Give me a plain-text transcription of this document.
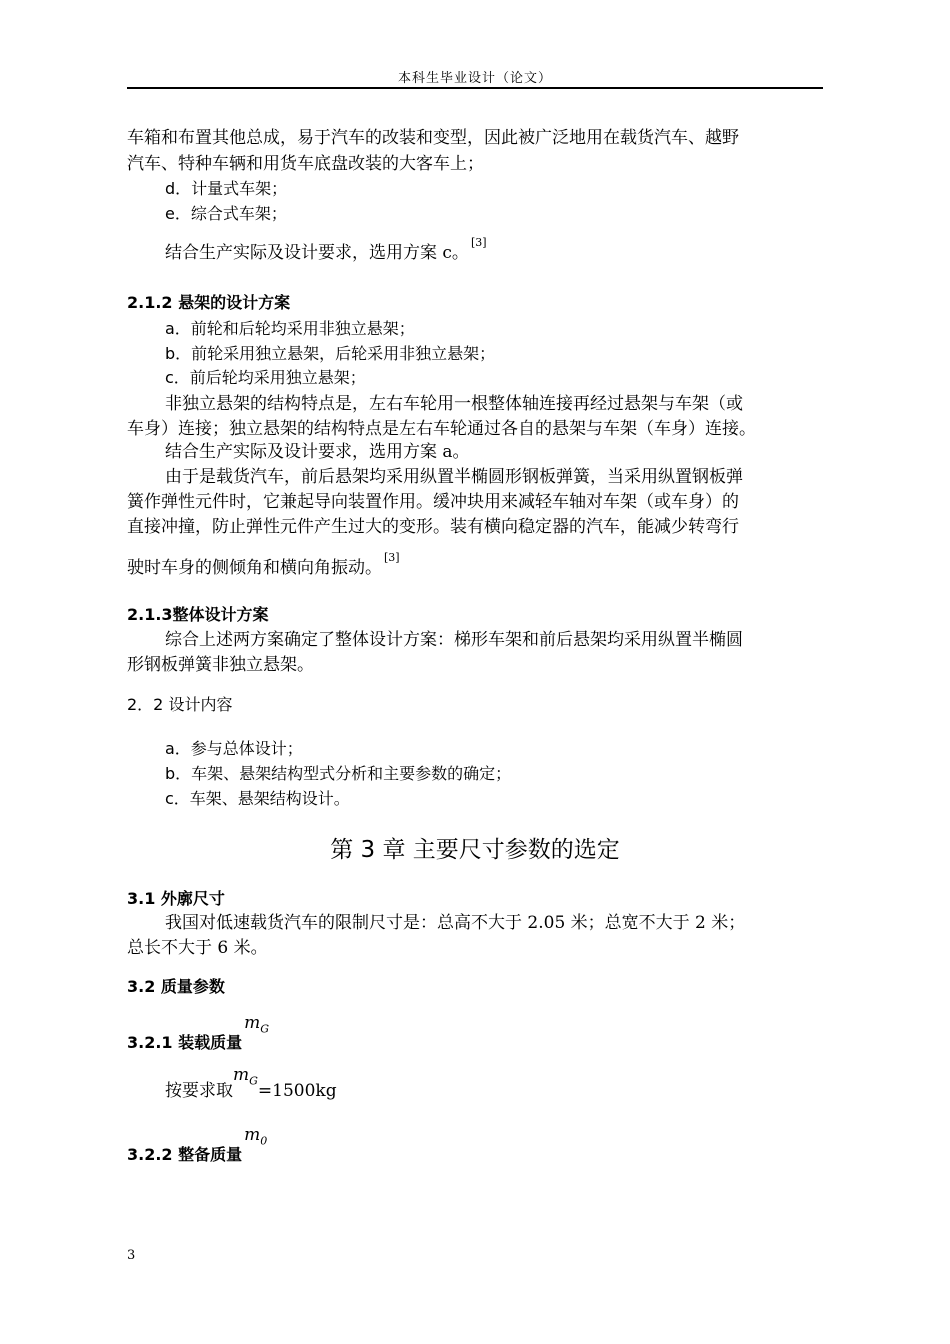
本科生毕业设计（论文）
车箱和布置其他总成，易于汽车的改装和变型，因此被广泛地用在载货汽车、越野
汽车、特种车辆和用货车底盘改装的大客车上；
d．计量式车架；
e．综合式车架；
结合生产实际及设计要求，选用方案 c。[3]
2.1.2 悬架的设计方案
a．前轮和后轮均采用非独立悬架；
b．前轮采用独立悬架，后轮采用非独立悬架；
c．前后轮均采用独立悬架；
非独立悬架的结构特点是，左右车轮用一根整体轴连接再经过悬架与车架（或
车身）连接；独立悬架的结构特点是左右车轮通过各自的悬架与车架（车身）连接。
结合生产实际及设计要求，选用方案 a。
由于是载货汽车，前后悬架均采用纵置半椭圆形钢板弹簧，当采用纵置钢板弹
簧作弹性元件时，它兼起导向装置作用。缓冲块用来减轻车轴对车架（或车身）的
直接冲撞，防止弹性元件产生过大的变形。装有横向稳定器的汽车，能减少转弯行
驶时车身的侧倾角和横向角振动。[3]
2.1.3整体设计方案
综合上述两方案确定了整体设计方案：梯形车架和前后悬架均采用纵置半椭圆
形钢板弹簧非独立悬架。
2．2 设计内容
a．参与总体设计；
b．车架、悬架结构型式分析和主要参数的确定；
c．车架、悬架结构设计。
第 3 章 主要尺寸参数的选定
3.1 外廓尺寸
我国对低速载货汽车的限制尺寸是：总高不大于 2.05 米；总宽不大于 2 米；
总长不大于 6 米。
3.2 质量参数
3.2.1 装载质量$m_G$
按要求取$m_G=1500kg$
3.2.2 整备质量$m_0$
3
